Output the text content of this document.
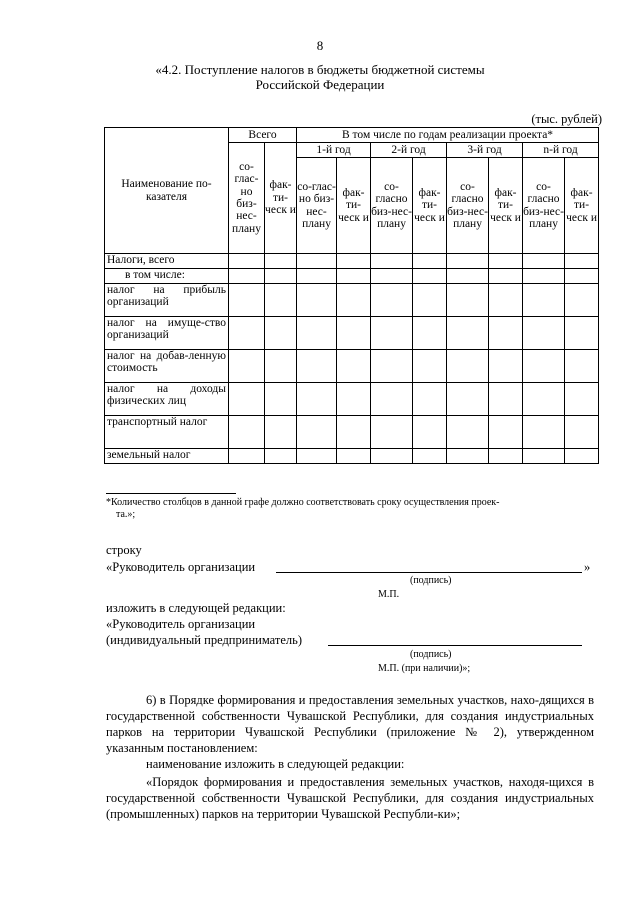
8
«4.2. Поступление налогов в бюджеты бюджетной системы
Российской Федерации
(тыс. рублей)
Наименование по-казателя	Всего		В том числе по годам реализации проекта*							
	со-глас-но биз-нес-плану	фак-ти-ческ и	1-й год		2-й год		3-й год		n-й год	
			со-глас-но биз-нес-плану	фак-ти-ческ и	со-гласно биз-нес-плану	фак-ти-ческ и	со-гласно биз-нес-плану	фак-ти-ческ и	со-гласно биз-нес-плану	фак-ти-ческ и
Налоги, всего										
в том числе:										
налог на прибыль организаций										
налог на имуще-ство организаций										
налог на добав-ленную стоимость										
налог на доходы физических лиц										
транспортный налог										
земельный налог										
*Количество столбцов в данной графе должно соответствовать сроку осуществления проек-
та.»;
строку
«Руководитель организации	»
(подпись)
М.П.
изложить в следующей редакции:
«Руководитель организации
(индивидуальный предприниматель)
(подпись)
М.П. (при наличии)»;
6) в Порядке формирования и предоставления земельных участков, нахо-дящихся в государственной собственности Чувашской Республики, для создания индустриальных парков на территории Чувашской Республики (приложение № 2), утвержденном указанным постановлением:
наименование изложить в следующей редакции:
«Порядок формирования и предоставления земельных участков, находя-щихся в государственной собственности Чувашской Республики, для создания индустриальных (промышленных) парков на территории Чувашской Республи-ки»;
